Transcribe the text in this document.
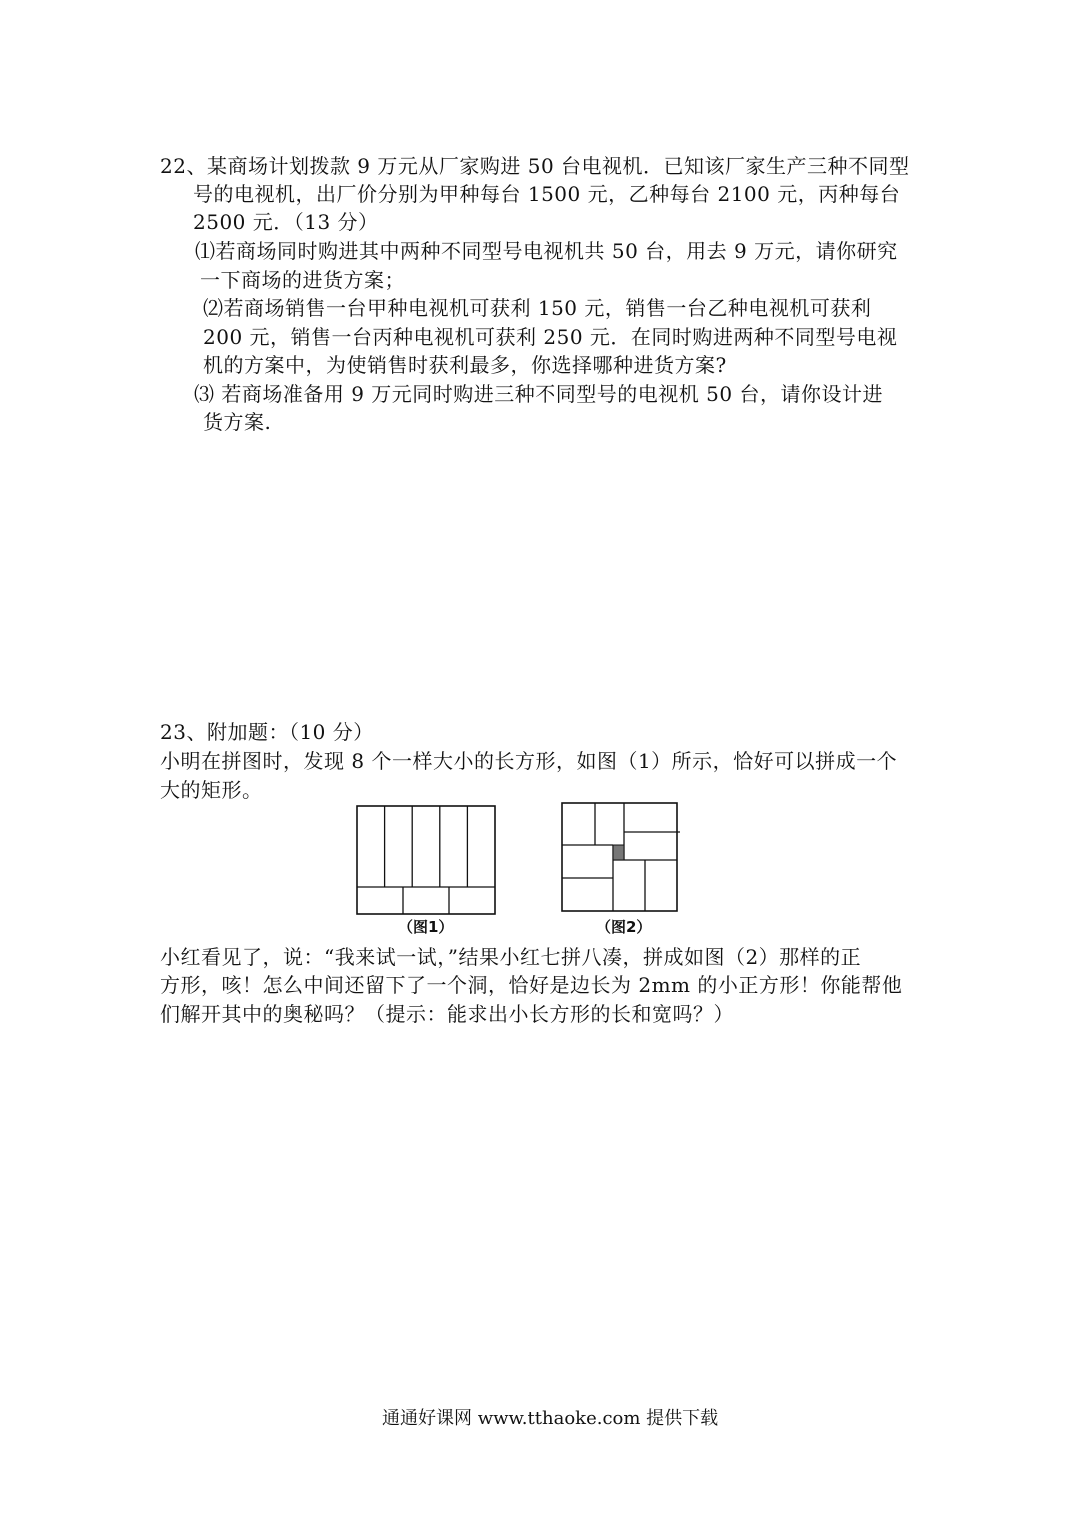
22、某商场计划拨款 9 万元从厂家购进 50 台电视机．已知该厂家生产三种不同型
号的电视机，出厂价分别为甲种每台 1500 元，乙种每台 2100 元，丙种每台
2500 元．（13 分）
⑴若商场同时购进其中两种不同型号电视机共 50 台，用去 9 万元，请你研究
一下商场的进货方案；
⑵若商场销售一台甲种电视机可获利 150 元，销售一台乙种电视机可获利
200 元，销售一台丙种电视机可获利 250 元．在同时购进两种不同型号电视
机的方案中，为使销售时获利最多，你选择哪种进货方案?
⑶ 若商场准备用 9 万元同时购进三种不同型号的电视机 50 台，请你设计进
货方案.
23、附加题：（10 分）
小明在拼图时，发现 8 个一样大小的长方形，如图（1）所示，恰好可以拼成一个
大的矩形。
（图1）	（图2）
小红看见了，说：“我来试一试，”结果小红七拼八凑，拼成如图（2）那样的正
方形，咳！怎么中间还留下了一个洞，恰好是边长为 2mm 的小正方形！你能帮他
们解开其中的奥秘吗？（提示：能求出小长方形的长和宽吗？）
通通好课网 www.tthaoke.com 提供下载
